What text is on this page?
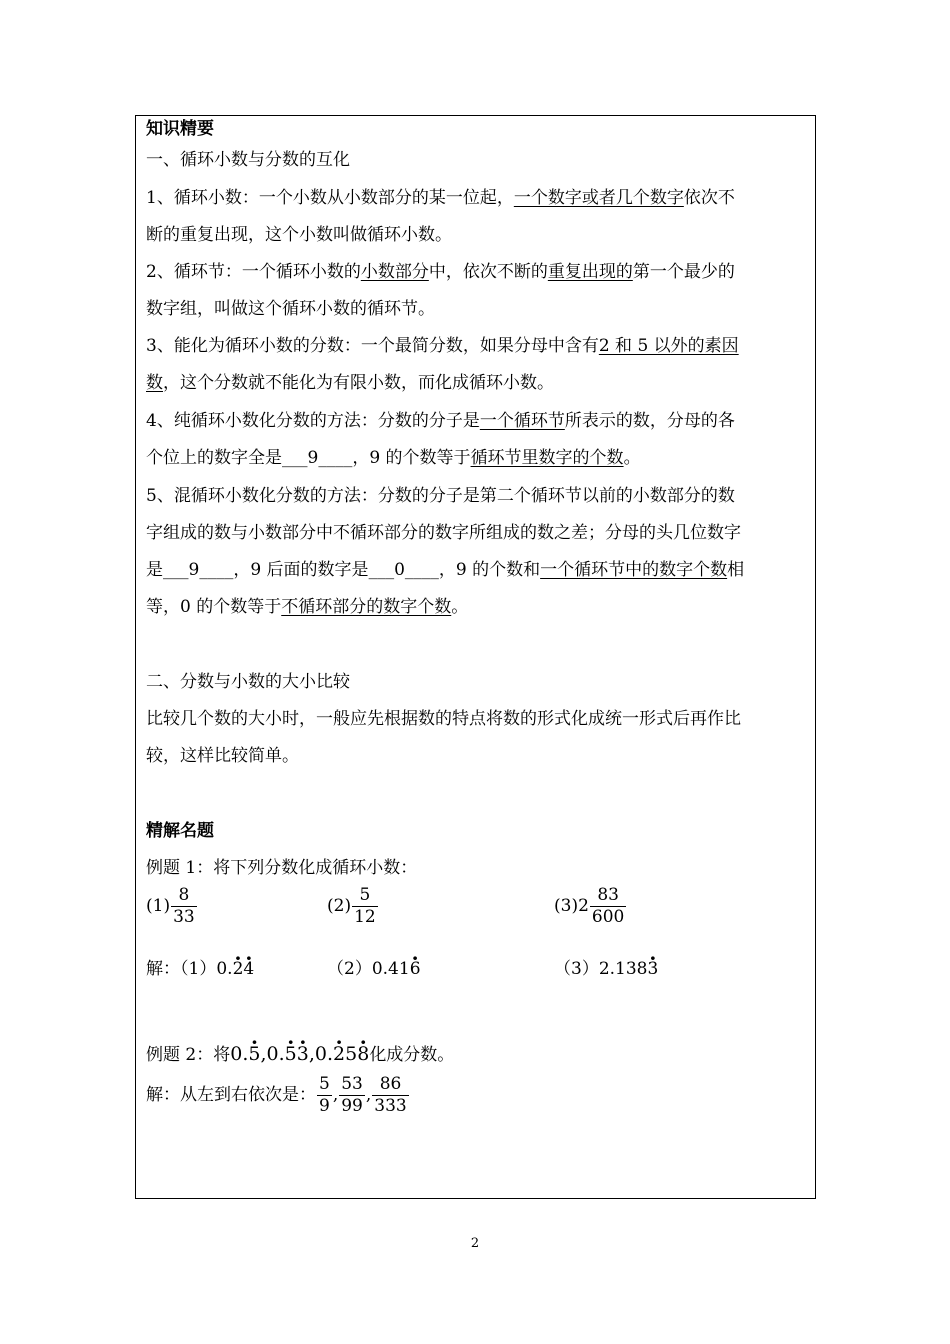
知识精要
一、循环小数与分数的互化
1、循环小数：一个小数从小数部分的某一位起，一个数字或者几个数字依次不
断的重复出现，这个小数叫做循环小数。
2、循环节：一个循环小数的小数部分中，依次不断的重复出现的第一个最少的
数字组，叫做这个循环小数的循环节。
3、能化为循环小数的分数：一个最简分数，如果分母中含有2 和 5 以外的素因
数，这个分数就不能化为有限小数，而化成循环小数。
4、纯循环小数化分数的方法：分数的分子是一个循环节所表示的数，分母的各
个位上的数字全是___9____，9 的个数等于循环节里数字的个数。
5、混循环小数化分数的方法：分数的分子是第二个循环节以前的小数部分的数
字组成的数与小数部分中不循环部分的数字所组成的数之差；分母的头几位数字
是___9____，9 后面的数字是___0____，9 的个数和一个循环节中的数字个数相
等，0 的个数等于不循环部分的数字个数。
二、分数与小数的大小比较
比较几个数的大小时，一般应先根据数的特点将数的形式化成统一形式后再作比
较，这样比较简单。
精解名题
例题 1：将下列分数化成循环小数：
$(1) \frac{8}{33}$	$(2) \frac{5}{12}$	$(3)2 \frac{83}{600}$
解：（1）0.· 2· 4	（2）0.41· 6	（3）2.138· 3
例题 2：将0.· 5,0.· 5· 3,0.· 25· 8化成分数。
解：从左到右依次是： $\frac{5}{9}$ , $\frac{53}{99}$ , $\frac{86}{333}$
2
